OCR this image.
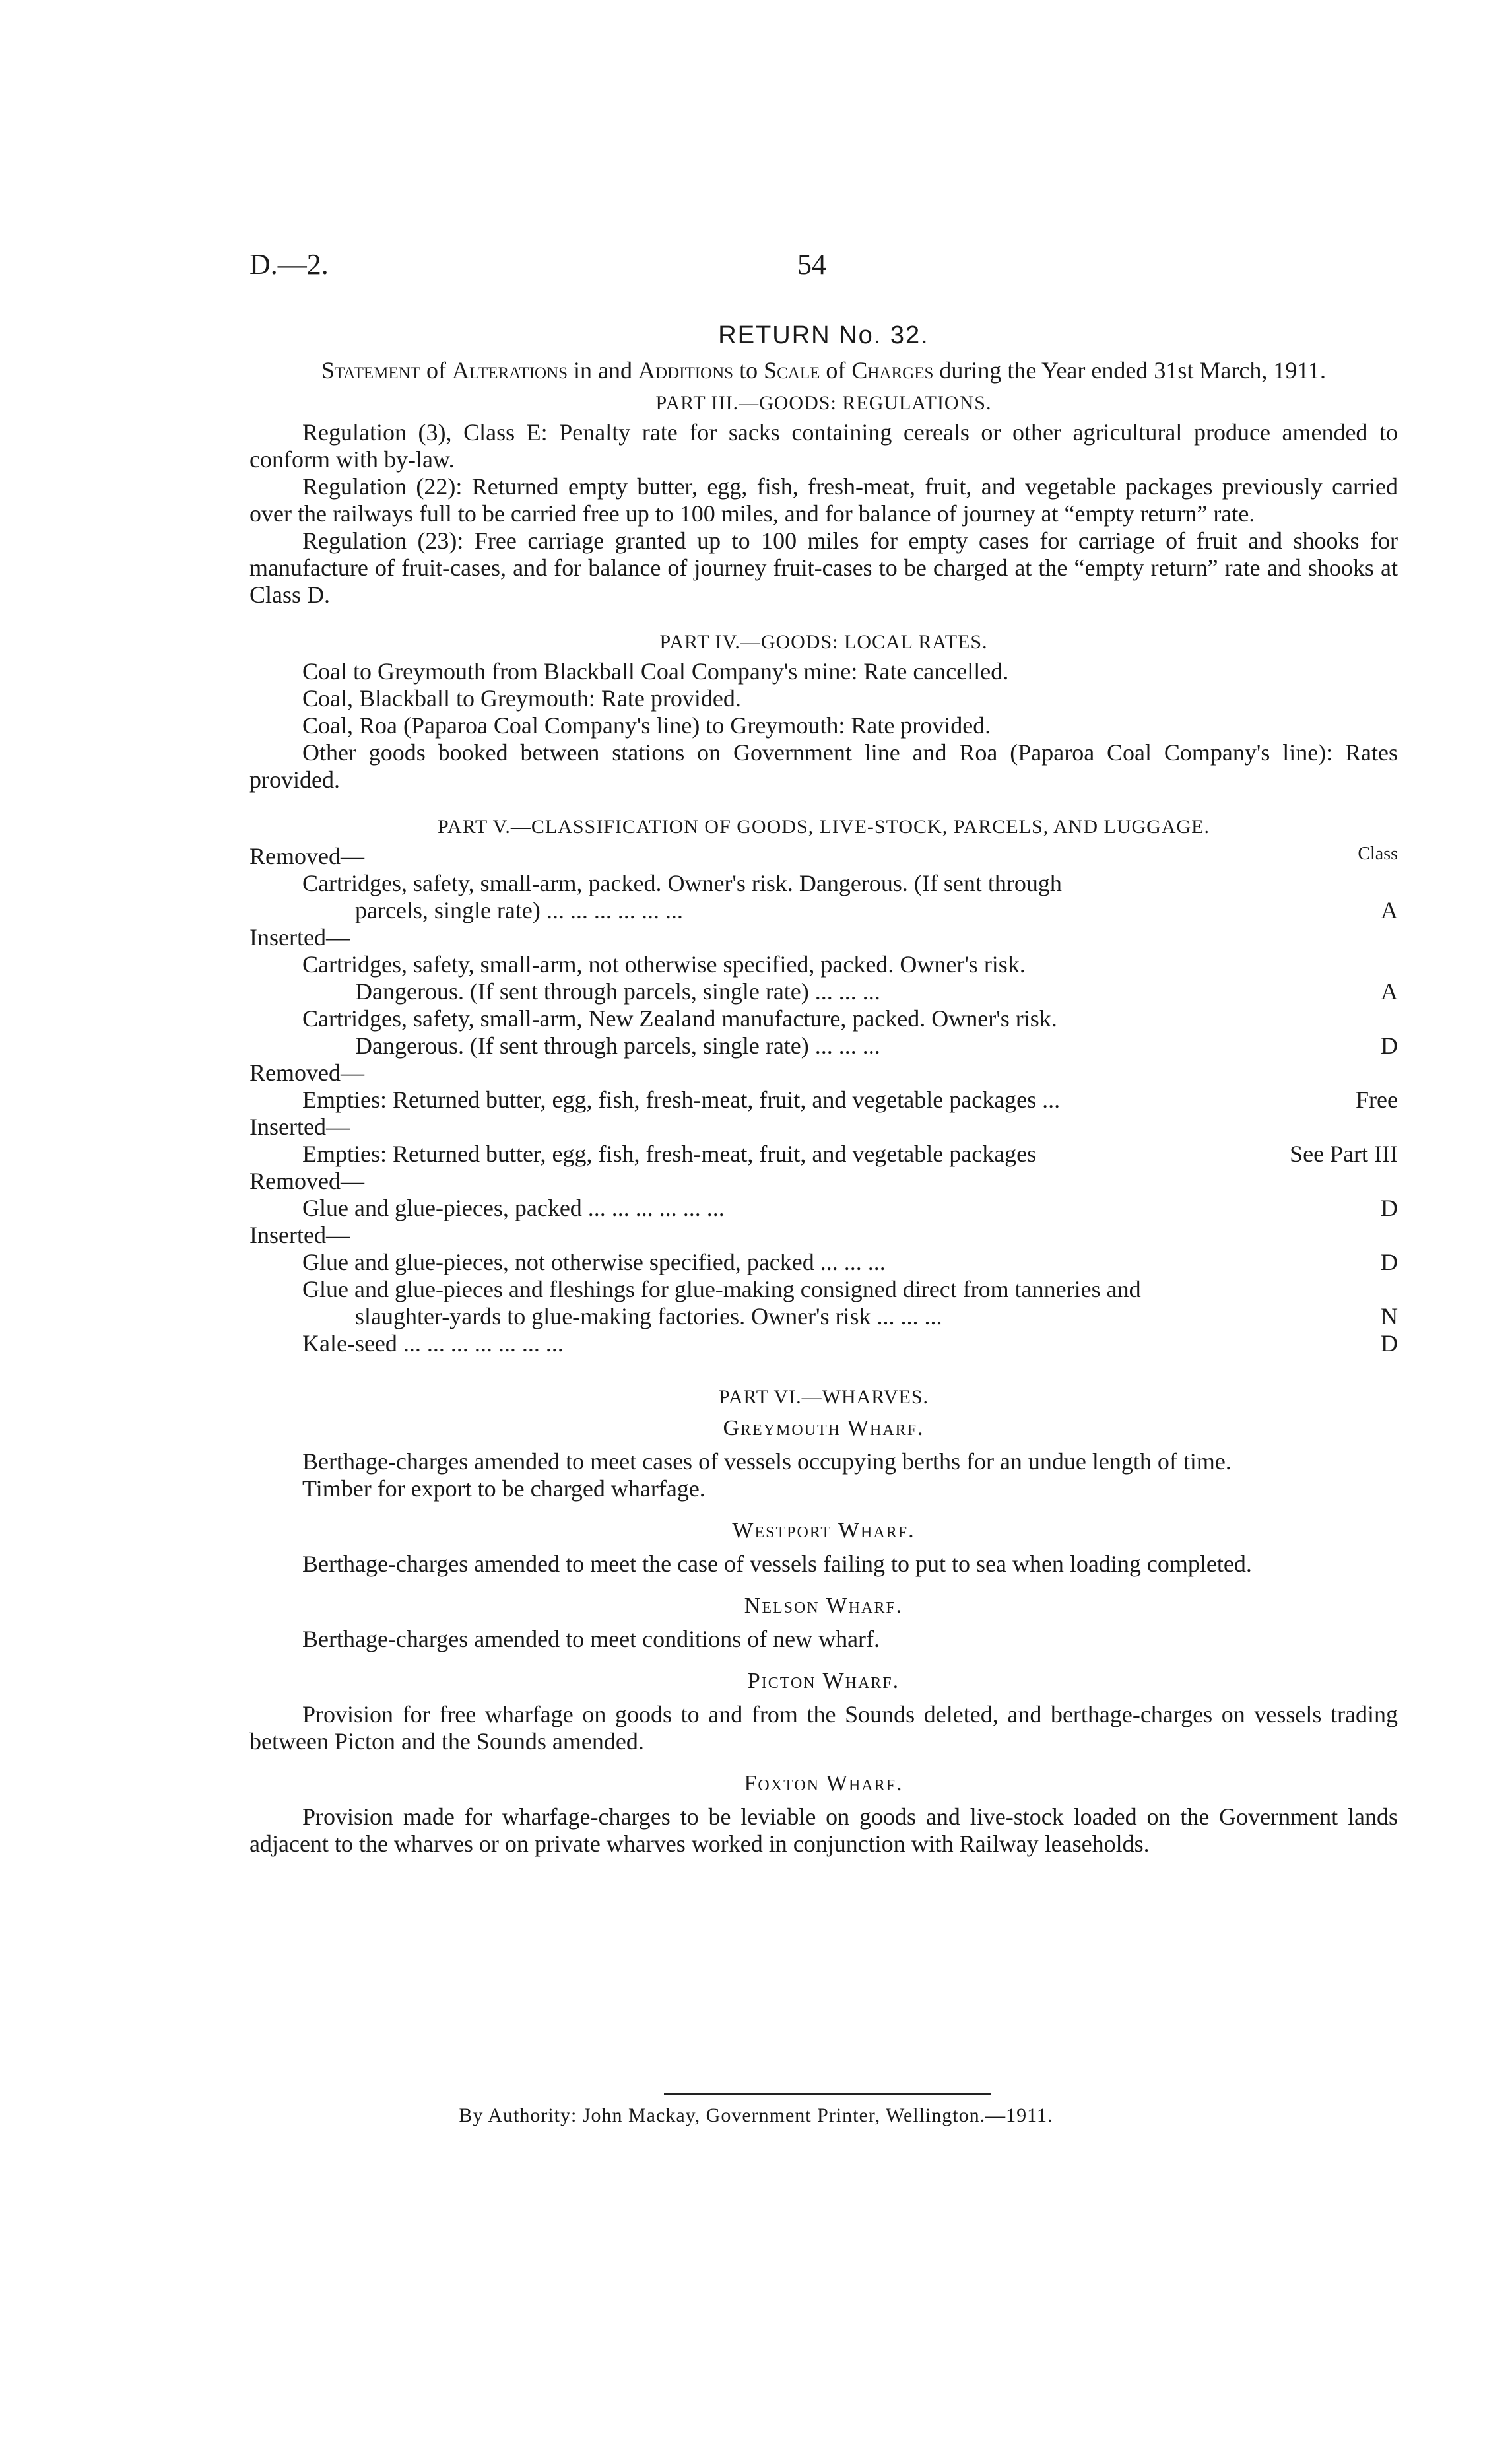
D.—2.	54
RETURN No. 32.
Statement of Alterations in and Additions to Scale of Charges during the Year ended 31st March, 1911.
PART III.—GOODS: REGULATIONS.

Regulation (3), Class E: Penalty rate for sacks containing cereals or other agricultural produce amended to conform with by-law.

Regulation (22): Returned empty butter, egg, fish, fresh-meat, fruit, and vegetable packages previously carried over the railways full to be carried free up to 100 miles, and for balance of journey at “empty return” rate.

Regulation (23): Free carriage granted up to 100 miles for empty cases for carriage of fruit and shooks for manufacture of fruit-cases, and for balance of journey fruit-cases to be charged at the “empty return” rate and shooks at Class D.

PART IV.—GOODS: LOCAL RATES.

Coal to Greymouth from Blackball Coal Company's mine: Rate cancelled.

Coal, Blackball to Greymouth: Rate provided.

Coal, Roa (Paparoa Coal Company's line) to Greymouth: Rate provided.

Other goods booked between stations on Government line and Roa (Paparoa Coal Company's line): Rates provided.

PART V.—CLASSIFICATION OF GOODS, LIVE-STOCK, PARCELS, AND LUGGAGE.
Removed—	Class
Cartridges, safety, small-arm, packed. Owner's risk. Dangerous. (If sent through
parcels, single rate) ... ... ... ... ... ...	A
Inserted—
Cartridges, safety, small-arm, not otherwise specified, packed. Owner's risk.
Dangerous. (If sent through parcels, single rate) ... ... ...	A
Cartridges, safety, small-arm, New Zealand manufacture, packed. Owner's risk.
Dangerous. (If sent through parcels, single rate) ... ... ...	D
Removed—
Empties: Returned butter, egg, fish, fresh-meat, fruit, and vegetable packages ...	Free
Inserted—
Empties: Returned butter, egg, fish, fresh-meat, fruit, and vegetable packages	See Part III
Removed—
Glue and glue-pieces, packed ... ... ... ... ... ...	D
Inserted—
Glue and glue-pieces, not otherwise specified, packed ... ... ...	D
Glue and glue-pieces and fleshings for glue-making consigned direct from tanneries and
slaughter-yards to glue-making factories. Owner's risk ... ... ...	N
Kale-seed ... ... ... ... ... ... ...	D
PART VI.—WHARVES.
Greymouth Wharf.

Berthage-charges amended to meet cases of vessels occupying berths for an undue length of time.

Timber for export to be charged wharfage.

Westport Wharf.

Berthage-charges amended to meet the case of vessels failing to put to sea when loading completed.

Nelson Wharf.

Berthage-charges amended to meet conditions of new wharf.

Picton Wharf.

Provision for free wharfage on goods to and from the Sounds deleted, and berthage-charges on vessels trading between Picton and the Sounds amended.

Foxton Wharf.

Provision made for wharfage-charges to be leviable on goods and live-stock loaded on the Government lands adjacent to the wharves or on private wharves worked in conjunction with Railway leaseholds.

By Authority: John Mackay, Government Printer, Wellington.—1911.
